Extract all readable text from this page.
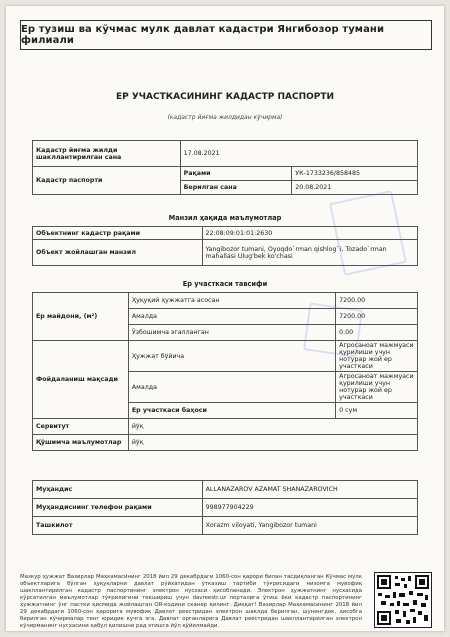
Ер тузиш ва кўчмас мулк давлат кадастри Янгибозор тумани филиали
ЕР УЧАСТКАСИНИНГ КАДАСТР ПАСПОРТИ
(кадастр йиғма жилдидан кўчирма)
Кадастр йиғма жилди шакллантирилган сана	17.08.2021	
Кадастр паспорти	Рақами	УК-1733236/858485
	Берилган сана	20.08.2021
Манзил ҳақида маълумотлар
Объектнинг кадастр рақами	22:08:09:01:01:2630
Объект жойлашган манзил	Yangibozor tumani, Oyoqdo`rman qishlog`i, Tozado`rman mahallasi Ulug'bek ko'chasi
Ер участкаси тавсифи
Ер майдони, (м²)	Ҳуқуқий ҳужжатга асосан	7200.00
	Амалда	7200.00
	Ўзбошимча эгалланган	0.00
Фойдаланиш мақсади	Ҳужжат бўйича	Агросаноат мажмуаси қурилиши учун нотурар жой ер участкаси
	Амалда	Агросаноат мажмуаси қурилиши учун нотурар жой ер участкаси
	Ер участкаси баҳоси	0 сум
Сервитут	йўқ	
Қўшимча маълумотлар	йўқ	
Муҳандис	ALLANAZAROV AZAMAT SHANAZAROVICH
Муҳандиснинг телефон рақами	998977904229
Ташкилот	Xorazm viloyati, Yangibozor tumani
Мазкур ҳужжат Вазирлар Маҳкамасининг 2018 йил 29 декабрдаги 1060-сон қарори билан тасдиқланган Кўчмас мулк объектларига бўлган ҳуқуқларни давлат рўйхатидан ўтказиш тартиби тўғрисидаги низомга мувофиқ шакллантирилган кадастр паспортининг электрон нусхаси ҳисобланади. Электрон ҳужжатнинг нусхасида кўрсатилган маълумотлар тўғрилигини текшириш учун davreestr.uz порталига ўтиш ёки кадастр паспортининг ҳужжатнинг ўнг пастки қисмида жойлашган QR-кодини сканер қилинг. Диққат! Вазирлар Маҳкамасининг 2018 йил 29 декабрдаги 1060-сон қарорига мувофиқ Давлат реестридан электрон шаклда берилган, шунингдек, ҳисобга берилган кўчирмалар тенг юридик кучга эга. Давлат органларига Давлат реестридан шакллантирилган электрон кўчирманинг нусхасини қабул қилишни рад этишга йўл қўйилмайди.
